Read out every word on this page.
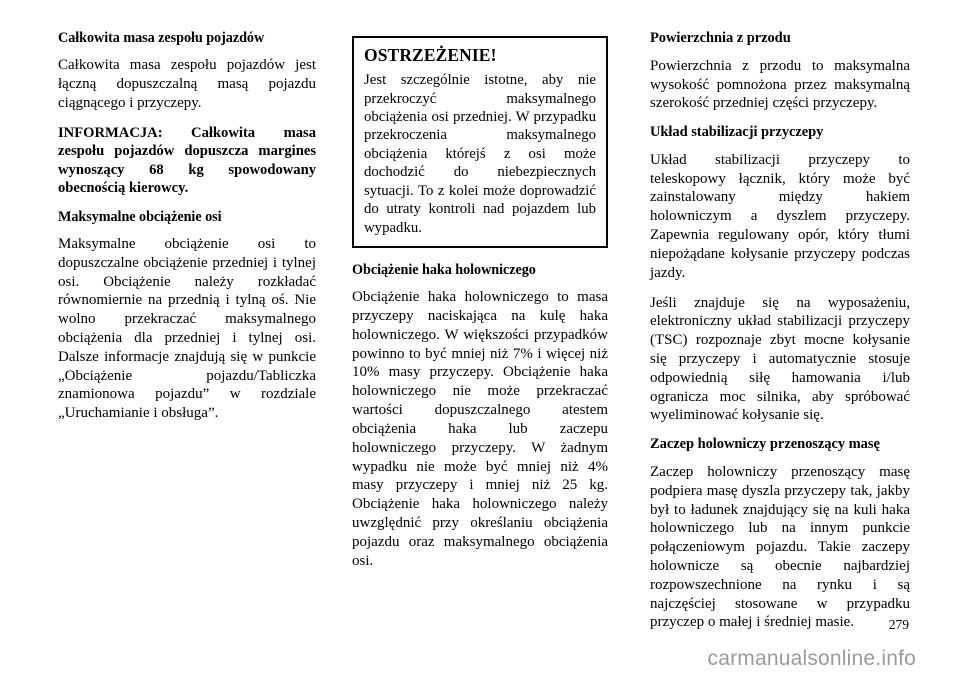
Całkowita masa zespołu pojazdów

Całkowita masa zespołu pojazdów jest łączną dopuszczalną masą pojazdu ciągnącego i przyczepy.

INFORMACJA: Całkowita masa zespołu pojazdów dopuszcza margines wynoszący 68 kg spowodowany obecnością kierowcy.

Maksymalne obciążenie osi

Maksymalne obciążenie osi to dopuszczalne obciążenie przedniej i tylnej osi. Obciążenie należy rozkładać równomiernie na przednią i tylną oś. Nie wolno przekraczać maksymalnego obciążenia dla przedniej i tylnej osi. Dalsze informacje znajdują się w punkcie „Obciążenie pojazdu/Tabliczka znamionowa pojazdu” w rozdziale „Uruchamianie i obsługa”.

OSTRZEŻENIE!

Jest szczególnie istotne, aby nie przekroczyć maksymalnego obciążenia osi przedniej. W przypadku przekroczenia maksymalnego obciążenia którejś z osi może dochodzić do niebezpiecznych sytuacji. To z kolei może doprowadzić do utraty kontroli nad pojazdem lub wypadku.

Obciążenie haka holowniczego

Obciążenie haka holowniczego to masa przyczepy naciskająca na kulę haka holowniczego. W większości przypadków powinno to być mniej niż 7% i więcej niż 10% masy przyczepy. Obciążenie haka holowniczego nie może przekraczać wartości dopuszczalnego atestem obciążenia haka lub zaczepu holowniczego przyczepy. W żadnym wypadku nie może być mniej niż 4% masy przyczepy i mniej niż 25 kg. Obciążenie haka holowniczego należy uwzględnić przy określaniu obciążenia pojazdu oraz maksymalnego obciążenia osi.

Powierzchnia z przodu

Powierzchnia z przodu to maksymalna wysokość pomnożona przez maksymalną szerokość przedniej części przyczepy.

Układ stabilizacji przyczepy

Układ stabilizacji przyczepy to teleskopowy łącznik, który może być zainstalowany między hakiem holowniczym a dyszlem przyczepy. Zapewnia regulowany opór, który tłumi niepożądane kołysanie przyczepy podczas jazdy.

Jeśli znajduje się na wyposażeniu, elektroniczny układ stabilizacji przyczepy (TSC) rozpoznaje zbyt mocne kołysanie się przyczepy i automatycznie stosuje odpowiednią siłę hamowania i/lub ogranicza moc silnika, aby spróbować wyeliminować kołysanie się.

Zaczep holowniczy przenoszący masę

Zaczep holowniczy przenoszący masę podpiera masę dyszla przyczepy tak, jakby był to ładunek znajdujący się na kuli haka holowniczego lub na innym punkcie połączeniowym pojazdu. Takie zaczepy holownicze są obecnie najbardziej rozpowszechnione na rynku i są najczęściej stosowane w przypadku przyczep o małej i średniej masie.	279
carmanualsonline.info
